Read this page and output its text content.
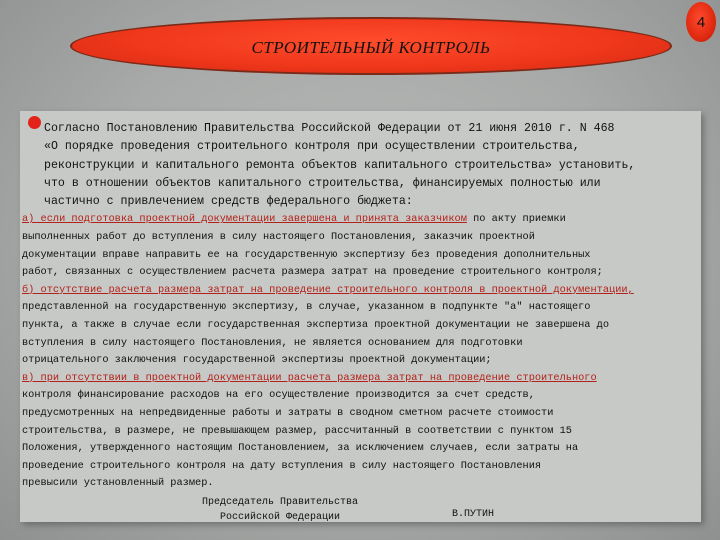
4
СТРОИТЕЛЬНЫЙ КОНТРОЛЬ

Согласно Постановлению Правительства Российской Федерации от 21 июня 2010 г. N 468
«О порядке проведения строительного контроля при осуществлении строительства,
реконструкции и капитального ремонта объектов капитального строительства» установить,
что в отношении объектов капитального строительства, финансируемых полностью или
частично с привлечением средств федерального бюджета:

а) если подготовка проектной документации завершена и принята заказчиком по акту приемки
выполненных работ до вступления в силу настоящего Постановления, заказчик проектной
документации вправе направить ее на государственную экспертизу без проведения дополнительных
работ, связанных с осуществлением расчета размера затрат на проведение строительного контроля;

б) отсутствие расчета размера затрат на проведение строительного контроля в проектной документации,
представленной на государственную экспертизу, в случае, указанном в подпункте "а" настоящего
пункта, а также в случае если государственная экспертиза проектной документации не завершена до
вступления в силу настоящего Постановления, не является основанием для подготовки
отрицательного заключения государственной экспертизы проектной документации;

в) при отсутствии в проектной документации расчета размера затрат на проведение строительного
контроля финансирование расходов на его осуществление производится за счет средств,
предусмотренных на непредвиденные работы и затраты в сводном сметном расчете стоимости
строительства, в размере, не превышающем размер, рассчитанный в соответствии с пунктом 15
Положения, утвержденного настоящим Постановлением, за исключением случаев, если затраты на
проведение строительного контроля на дату вступления в силу настоящего Постановления
превысили установленный размер.

Председатель Правительства
Российской Федерации	В.ПУТИН
